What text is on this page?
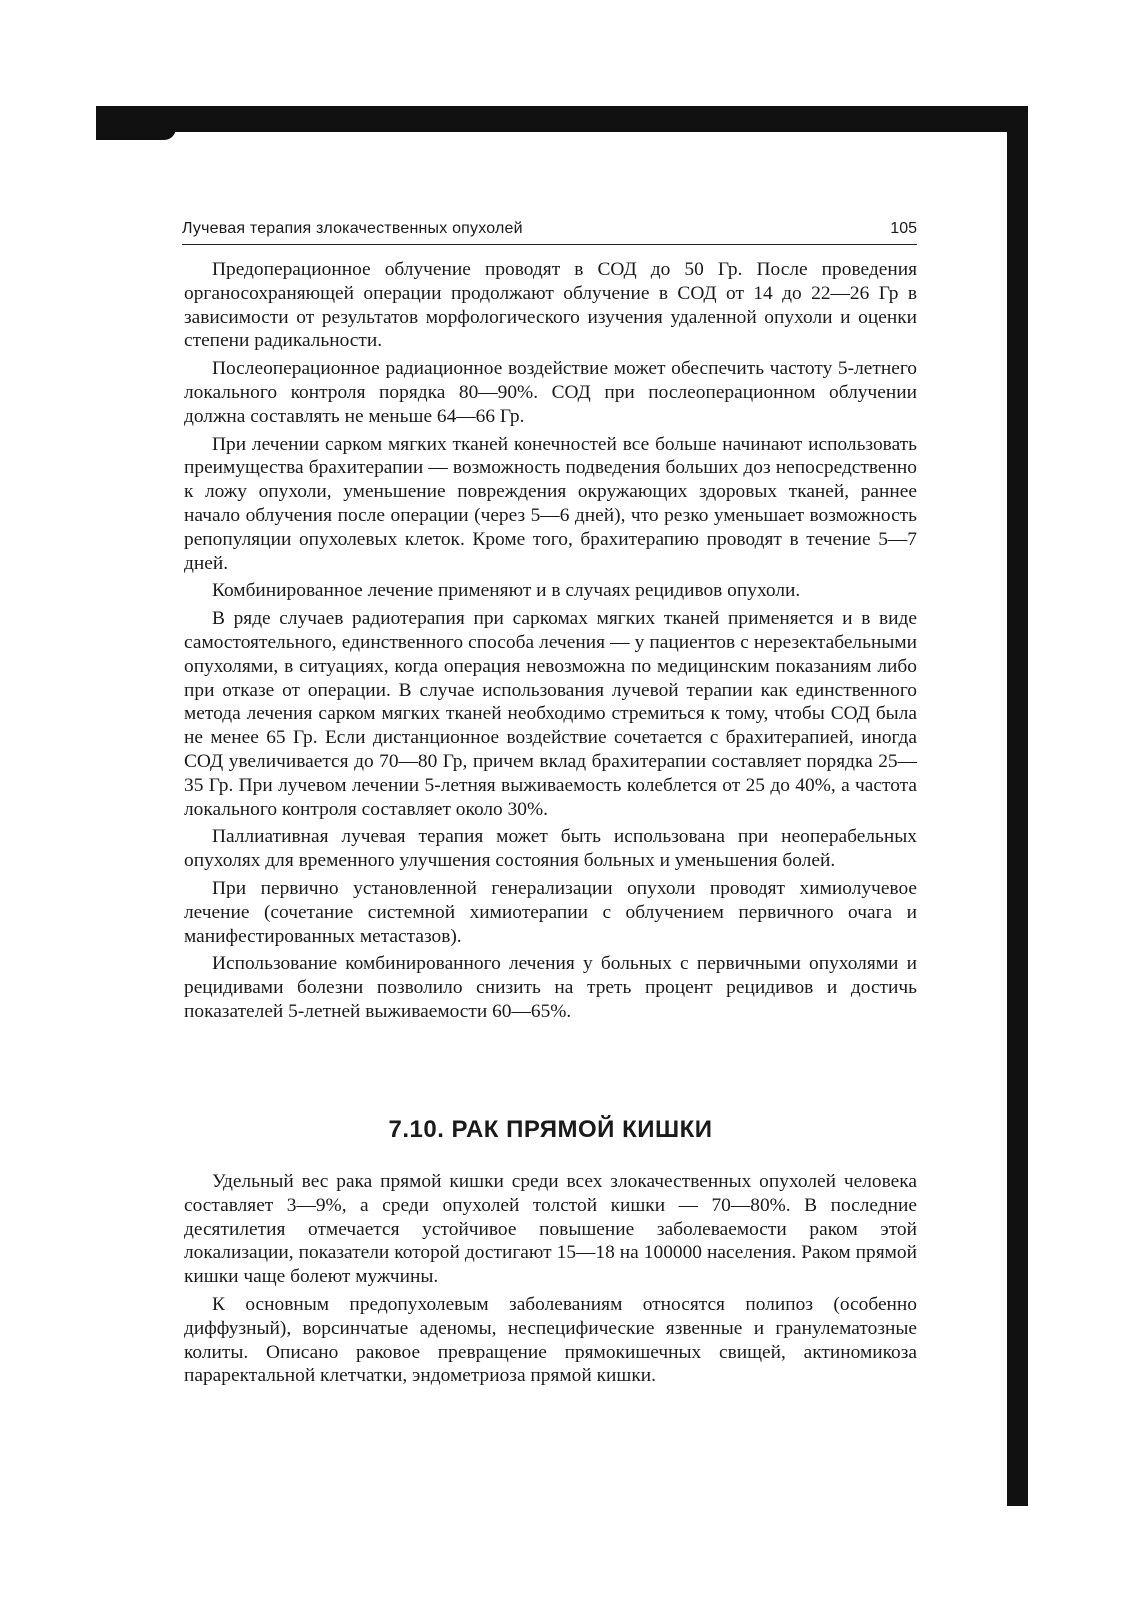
Лучевая терапия злокачественных опухолей	105

Предоперационное облучение проводят в СОД до 50 Гр. После проведения органосохраняющей операции продолжают облучение в СОД от 14 до 22—26 Гр в зависимости от результатов морфологического изучения удаленной опухоли и оценки степени радикальности.

Послеоперационное радиационное воздействие может обеспечить частоту 5-летнего локального контроля порядка 80—90%. СОД при послеоперационном облучении должна составлять не меньше 64—66 Гр.

При лечении сарком мягких тканей конечностей все больше начинают использовать преимущества брахитерапии — возможность подведения больших доз непосредственно к ложу опухоли, уменьшение повреждения окружающих здоровых тканей, раннее начало облучения после операции (через 5—6 дней), что резко уменьшает возможность репопуляции опухолевых клеток. Кроме того, брахитерапию проводят в течение 5—7 дней.

Комбинированное лечение применяют и в случаях рецидивов опухоли.

В ряде случаев радиотерапия при саркомах мягких тканей применяется и в виде самостоятельного, единственного способа лечения — у пациентов с нерезектабельными опухолями, в ситуациях, когда операция невозможна по медицинским показаниям либо при отказе от операции. В случае использования лучевой терапии как единственного метода лечения сарком мягких тканей необходимо стремиться к тому, чтобы СОД была не менее 65 Гр. Если дистанционное воздействие сочетается с брахитерапией, иногда СОД увеличивается до 70—80 Гр, причем вклад брахитерапии составляет порядка 25—35 Гр. При лучевом лечении 5-летняя выживаемость колеблется от 25 до 40%, а частота локального контроля составляет около 30%.

Паллиативная лучевая терапия может быть использована при неоперабельных опухолях для временного улучшения состояния больных и уменьшения болей.

При первично установленной генерализации опухоли проводят химиолучевое лечение (сочетание системной химиотерапии с облучением первичного очага и манифестированных метастазов).

Использование комбинированного лечения у больных с первичными опухолями и рецидивами болезни позволило снизить на треть процент рецидивов и достичь показателей 5-летней выживаемости 60—65%.

7.10. РАК ПРЯМОЙ КИШКИ

Удельный вес рака прямой кишки среди всех злокачественных опухолей человека составляет 3—9%, а среди опухолей толстой кишки — 70—80%. В последние десятилетия отмечается устойчивое повышение заболеваемости раком этой локализации, показатели которой достигают 15—18 на 100000 населения. Раком прямой кишки чаще болеют мужчины.

К основным предопухолевым заболеваниям относятся полипоз (особенно диффузный), ворсинчатые аденомы, неспецифические язвенные и гранулематозные колиты. Описано раковое превращение прямокишечных свищей, актиномикоза параректальной клетчатки, эндометриоза прямой кишки.
